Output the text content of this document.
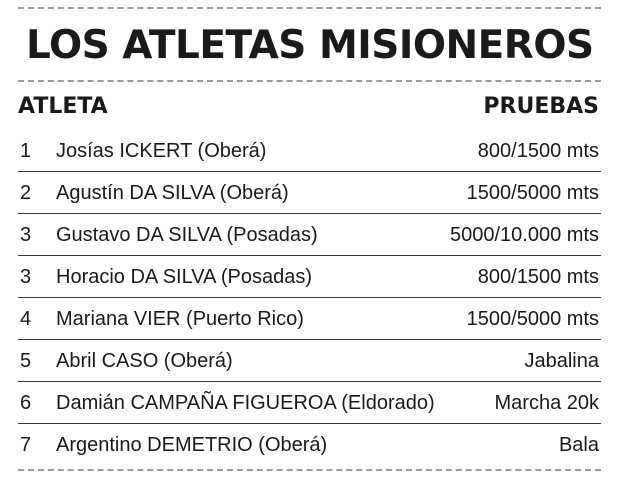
LOS ATLETAS MISIONEROS
ATLETA	PRUEBAS
1 Josías ICKERT (Oberá)	800/1500 mts
2 Agustín DA SILVA (Oberá)	1500/5000 mts
3 Gustavo DA SILVA (Posadas)	5000/10.000 mts
3 Horacio DA SILVA (Posadas)	800/1500 mts
4 Mariana VIER (Puerto Rico)	1500/5000 mts
5 Abril CASO (Oberá)	Jabalina
6 Damián CAMPAÑA FIGUEROA (Eldorado)	Marcha 20k
7 Argentino DEMETRIO (Oberá)	Bala
